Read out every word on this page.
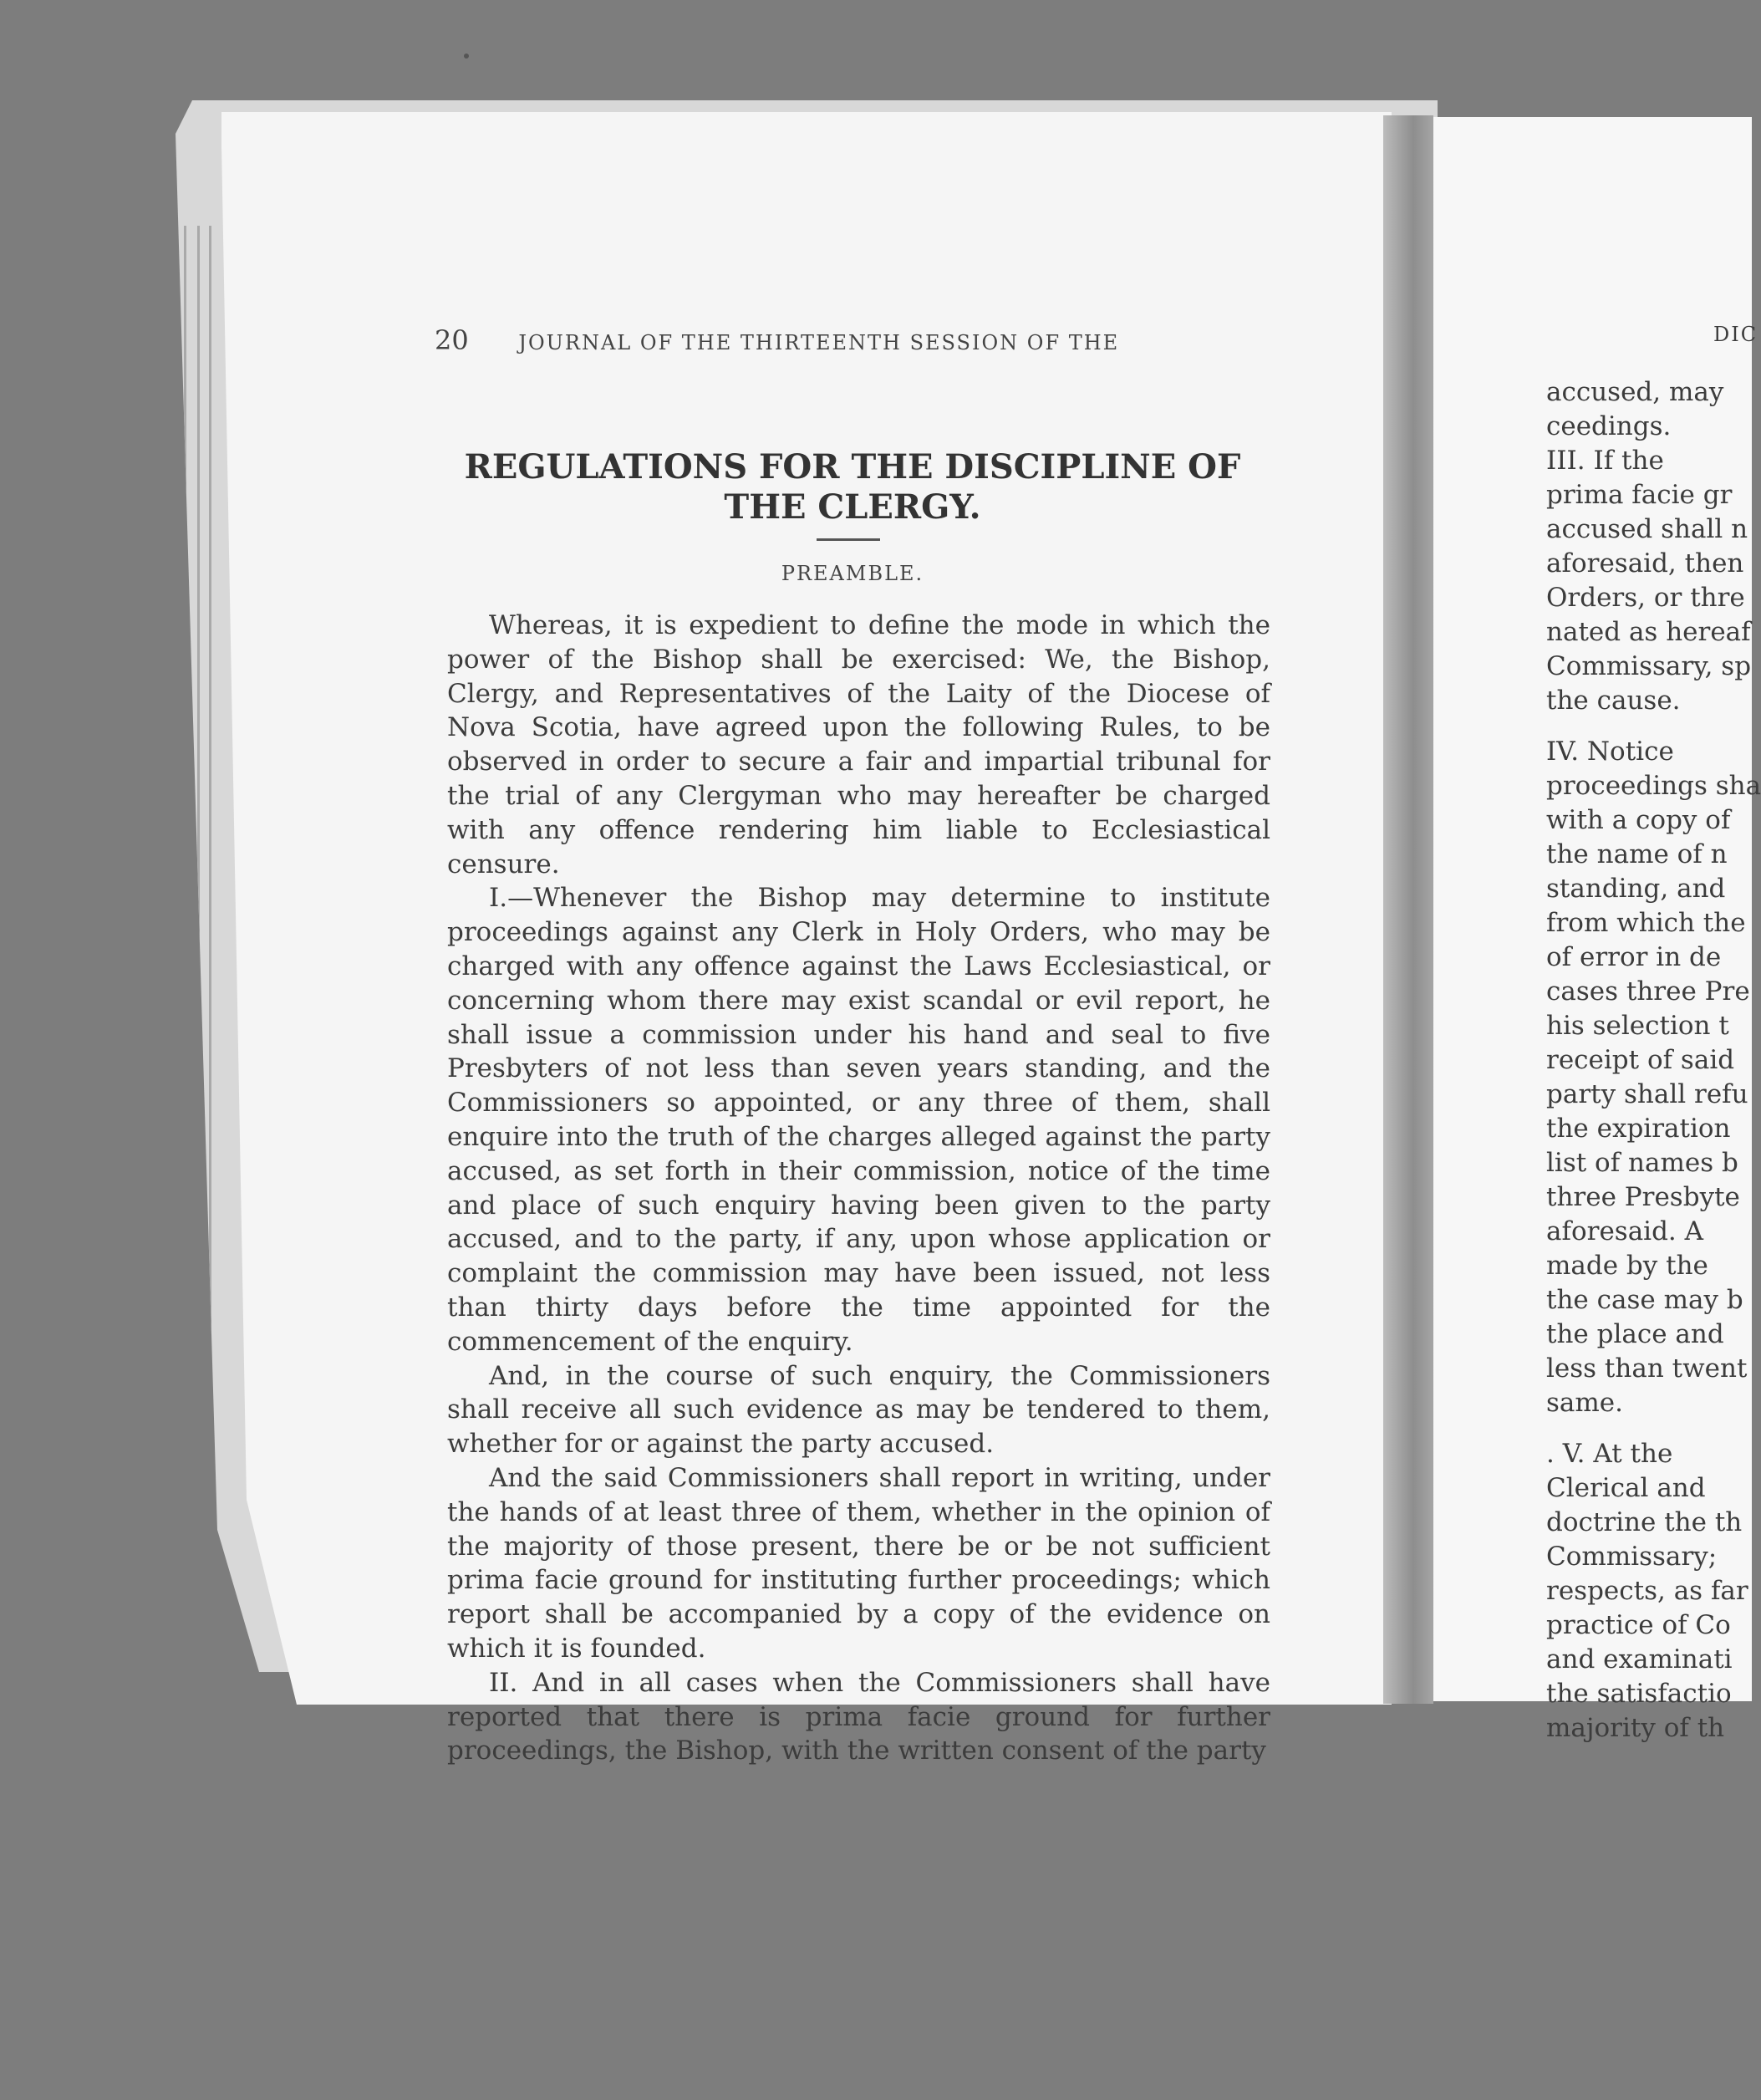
20 JOURNAL OF THE THIRTEENTH SESSION OF THE
REGULATIONS FOR THE DISCIPLINE OF THE CLERGY.
PREAMBLE.

Whereas, it is expedient to define the mode in which the power of the Bishop shall be exercised: We, the Bishop, Clergy, and Representatives of the Laity of the Diocese of Nova Scotia, have agreed upon the following Rules, to be observed in order to secure a fair and impartial tribunal for the trial of any Clergyman who may hereafter be charged with any offence rendering him liable to Ecclesiastical censure.

I.—Whenever the Bishop may determine to institute proceedings against any Clerk in Holy Orders, who may be charged with any offence against the Laws Ecclesiastical, or concerning whom there may exist scandal or evil report, he shall issue a commission under his hand and seal to five Presbyters of not less than seven years standing, and the Commissioners so appointed, or any three of them, shall enquire into the truth of the charges alleged against the party accused, as set forth in their commission, notice of the time and place of such enquiry having been given to the party accused, and to the party, if any, upon whose application or complaint the commission may have been issued, not less than thirty days before the time appointed for the commencement of the enquiry.

And, in the course of such enquiry, the Commissioners shall receive all such evidence as may be tendered to them, whether for or against the party accused.

And the said Commissioners shall report in writing, under the hands of at least three of them, whether in the opinion of the majority of those present, there be or be not sufficient prima facie ground for instituting further proceedings; which report shall be accompanied by a copy of the evidence on which it is founded.

II. And in all cases when the Commissioners shall have reported that there is prima facie ground for further proceedings, the Bishop, with the written consent of the party

DIC
accused, may
ceedings.
III. If the
prima facie gr
accused shall n
aforesaid, then
Orders, or thre
nated as hereaf
Commissary, sp
the cause.
IV. Notice
proceedings sha
with a copy of
the name of n
standing, and
from which the
of error in de
cases three Pre
his selection t
receipt of said
party shall refu
the expiration
list of names b
three Presbyte
aforesaid. A
made by the
the case may b
the place and
less than twent
same.
. V. At the
Clerical and
doctrine the th
Commissary;
respects, as far
practice of Co
and examinati
the satisfactio
majority of th
